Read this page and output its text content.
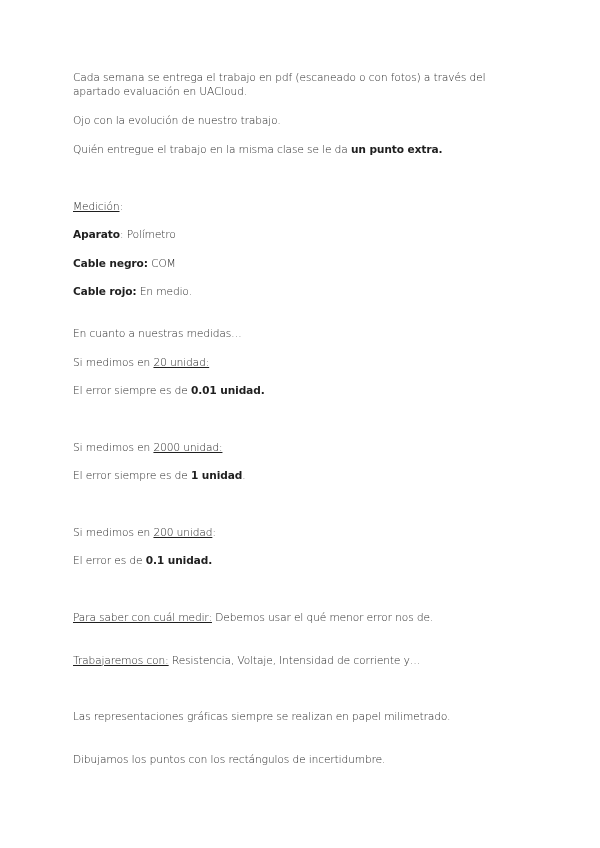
Cada semana se entrega el trabajo en pdf (escaneado o con fotos) a través del
apartado evaluación en UACloud.
Ojo con la evolución de nuestro trabajo.
Quién entregue el trabajo en la misma clase se le da un punto extra.
Medición:
Aparato: Polímetro
Cable negro: COM
Cable rojo: En medio.
En cuanto a nuestras medidas…
Si medimos en 20 unidad:
El error siempre es de 0.01 unidad.
Si medimos en 2000 unidad:
El error siempre es de 1 unidad.
Si medimos en 200 unidad:
El error es de 0.1 unidad.
Para saber con cuál medir: Debemos usar el qué menor error nos de.
Trabajaremos con: Resistencia, Voltaje, Intensidad de corriente y…
Las representaciones gráficas siempre se realizan en papel milimetrado.
Dibujamos los puntos con los rectángulos de incertidumbre.
